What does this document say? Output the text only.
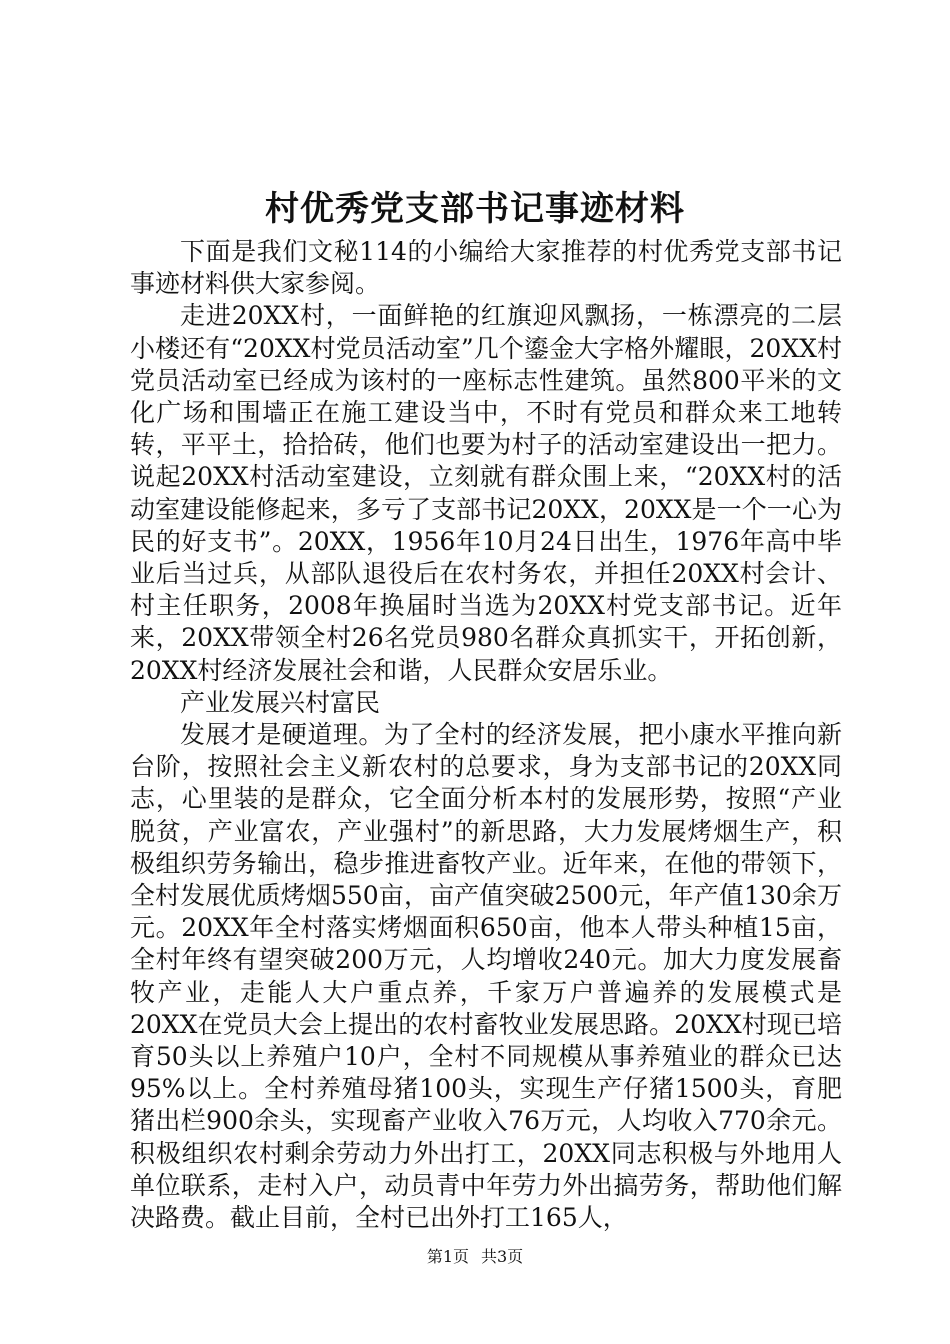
村优秀党支部书记事迹材料

下面是我们文秘114的小编给大家推荐的村优秀党支部书记事迹材料供大家参阅。

走进20XX村，一面鲜艳的红旗迎风飘扬，一栋漂亮的二层小楼还有“20XX村党员活动室”几个鎏金大字格外耀眼，20XX村党员活动室已经成为该村的一座标志性建筑。虽然800平米的文化广场和围墙正在施工建设当中，不时有党员和群众来工地转转，平平土，拾拾砖，他们也要为村子的活动室建设出一把力。说起20XX村活动室建设，立刻就有群众围上来，“20XX村的活动室建设能修起来，多亏了支部书记20XX，20XX是一个一心为民的好支书”。20XX，1956年10月24日出生，1976年高中毕业后当过兵，从部队退役后在农村务农，并担任20XX村会计、村主任职务，2008年换届时当选为20XX村党支部书记。近年来，20XX带领全村26名党员980名群众真抓实干，开拓创新，20XX村经济发展社会和谐，人民群众安居乐业。

产业发展兴村富民

发展才是硬道理。为了全村的经济发展，把小康水平推向新台阶，按照社会主义新农村的总要求，身为支部书记的20XX同志，心里装的是群众，它全面分析本村的发展形势，按照“产业脱贫，产业富农，产业强村”的新思路，大力发展烤烟生产，积极组织劳务输出，稳步推进畜牧产业。近年来，在他的带领下，全村发展优质烤烟550亩，亩产值突破2500元，年产值130余万元。20XX年全村落实烤烟面积650亩，他本人带头种植15亩，全村年终有望突破200万元，人均增收240元。加大力度发展畜牧产业，走能人大户重点养，千家万户普遍养的发展模式是20XX在党员大会上提出的农村畜牧业发展思路。20XX村现已培育50头以上养殖户10户，全村不同规模从事养殖业的群众已达95%以上。全村养殖母猪100头，实现生产仔猪1500头，育肥猪出栏900余头，实现畜产业收入76万元，人均收入770余元。积极组织农村剩余劳动力外出打工，20XX同志积极与外地用人单位联系，走村入户，动员青中年劳力外出搞劳务，帮助他们解决路费。截止目前，全村已出外打工165人，

第1页 共3页
